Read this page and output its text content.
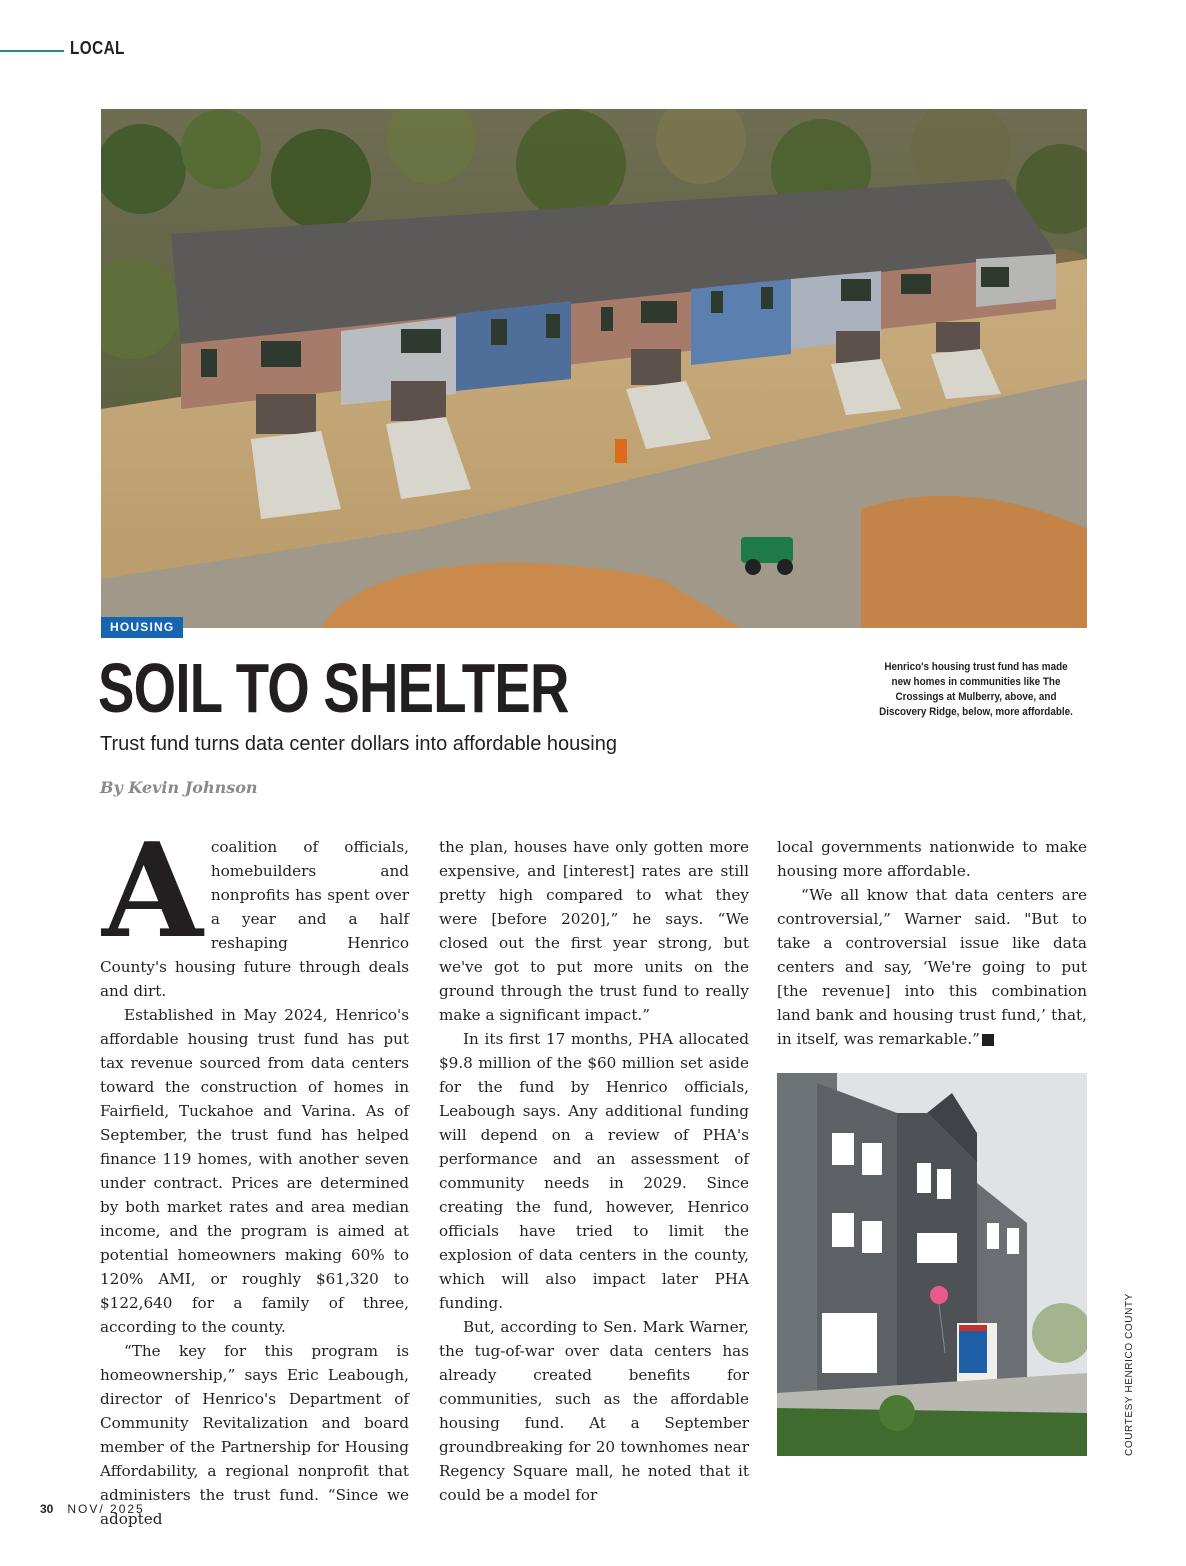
LOCAL
HOUSING
SOIL TO SHELTER
Trust fund turns data center dollars into affordable housing
By Kevin Johnson
Henrico's housing trust fund has made new homes in communities like The Crossings at Mulberry, above, and Discovery Ridge, below, more affordable.

Acoalition of officials, homebuilders and nonprofits has spent over a year and a half reshaping Henrico County's housing future through deals and dirt.

Established in May 2024, Henrico's affordable housing trust fund has put tax revenue sourced from data centers toward the construction of homes in Fairfield, Tuckahoe and Varina. As of September, the trust fund has helped finance 119 homes, with another seven under contract. Prices are determined by both market rates and area median income, and the program is aimed at potential homeowners making 60% to 120% AMI, or roughly $61,320 to $122,640 for a family of three, according to the county.

“The key for this program is homeownership,” says Eric Leabough, director of Henrico's Department of Community Revitalization and board member of the Partnership for Housing Affordability, a regional nonprofit that administers the trust fund. “Since we adopted

the plan, houses have only gotten more expensive, and [interest] rates are still pretty high compared to what they were [before 2020],” he says. “We closed out the first year strong, but we've got to put more units on the ground through the trust fund to really make a significant impact.”

In its first 17 months, PHA allocated $9.8 million of the $60 million set aside for the fund by Henrico officials, Leabough says. Any additional funding will depend on a review of PHA's performance and an assessment of community needs in 2029. Since creating the fund, however, Henrico officials have tried to limit the explosion of data centers in the county, which will also impact later PHA funding.

But, according to Sen. Mark Warner, the tug-of-war over data centers has already created benefits for communities, such as the affordable housing fund. At a September groundbreaking for 20 townhomes near Regency Square mall, he noted that it could be a model for

local governments nationwide to make housing more affordable.

“We all know that data centers are controversial,” Warner said. "But to take a controversial issue like data centers and say, ‘We're going to put [the revenue] into this combination land bank and housing trust fund,’ that, in itself, was remarkable.”	R

COURTESY HENRICO COUNTY
30 NOV/ 2025
